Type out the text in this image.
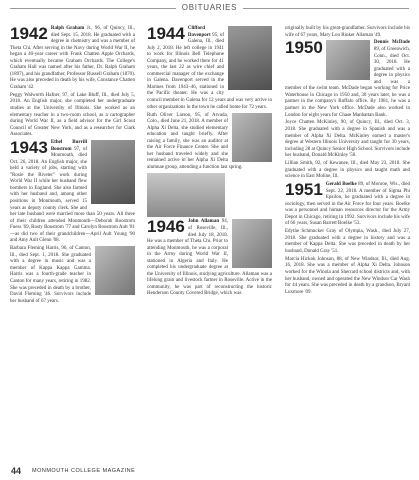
OBITUARIES

1942 Ralph Graham Jr., 96, of Quincy, Ill., died Sept. 15, 2018. He graduated with a degree in chemistry and was a member of Theta Chi. After serving in the Navy during World War II, he began a 40-year career with Frank Chatten Apple Orchards, which eventually became Graham Orchards. The College's Graham Hall was named after his father, Dr. Ralph Graham (1897), and his grandfather, Professor Russell Graham (1870). He was also preceded in death by his wife, Constance Chatten Graham '42.

Peggy Walworth Hafner, 97, of Lake Bluff, Ill., died July 5, 2018. An English major, she completed her undergraduate studies at the University of Illinois. She worked as an elementary teacher in a two-room school, as a cartographer during World War II, as a field advisor for the Girl Scout Council of Greater New York, and as a researcher for Clark Associates.

1943 Ethel Burrill Boostrom 97, of Monmouth, died Oct. 26, 2018. An English major, she held a variety of jobs, starting with "Rosie the Riveter" work during World War II while her husband flew bombers in England. She also farmed with her husband and, among other positions in Monmouth, served 15 years as deputy county clerk. She and her late husband were married more than 50 years. All three of their children attended Monmouth—Deborah Boostrom Fuess '69, Rusty Boostrom '77 and Carolyn Boostrom Ault '81—as did two of their grandchildren—April Ault Young '90 and Amy Ault Glenn '08.

Barbara Fleming Harris, 96, of Canton, Ill., died Sept. 1, 2018. She graduated with a degree in music and was a member of Kappa Kappa Gamma. Harris was a fourth-grade teacher in Canton for many years, retiring in 1982. She was preceded in death by a brother, David Fleming '46. Survivors include her husband of 67 years.

1944 Clifford Davenport 95, of Galena, Ill., died July 2, 2018. He left college in 1941 to work for Illinois Bell Telephone Company, and he worked there for 41 years, the last 22 as wire chief and commercial manager of the exchange in Galena. Davenport served in the Marines from 1943–46, stationed in the Pacific theater. He was a city council member in Galena for 12 years and was very active in other organizations in the town he called home for 72 years.

Ruth Oliver Larson, 95, of Arvada, Colo., died June 21, 2018. A member of Alpha Xi Delta, she studied elementary education and taught briefly. After raising a family, she was an auditor at the Air Force Finance Center. She and her husband traveled widely and she remained active in her Alpha Xi Delta alumnae group, attending a function last spring.

1946 John Allaman 94, of Roseville, Ill., died July 18, 2018. He was a member of Theta Chi. Prior to attending Monmouth, he was a corporal in the Army during World War II, stationed in Algeria and Italy. He completed his undergraduate degree at the University of Illinois, studying agriculture. Allaman was a lifelong grain and livestock farmer in Roseville. Active in the community, he was part of reconstructing the historic Henderson County Covered Bridge, which was

originally built by his great-grandfather. Survivors include his wife of 67 years, Mary Lou Rinker Allaman '49.

1950	Dennis McDade 89, of Greenwich, Conn., died Oct. 30, 2018. He graduated with a degree in physics and was a member of the swim team. McDade began working for Price Waterhouse in Chicago in 1950 and, 30 years later, he was a partner in the company's Buffalo office. By 1981, he was a partner in the New York office. McDade also worked in London for eight years for Chase Manhattan Bank.

Joyce Chatten McKinley, 90, of Quincy, Ill., died Oct. 3, 2018. She graduated with a degree in Spanish and was a member of Alpha Xi Delta. McKinley earned a master's degree at Western Illinois University and taught for 30 years, including 28 at Quincy Senior High School. Survivors include her husband, Donald McKinley '50.

Lillian Smith, 92, of Kewanee, Ill., died May 23, 2018. She graduated with a degree in physics and taught math and science in East Moline, Ill.

1951 Gerald Boelke 89, of Monroe, Wis., died Sept. 22, 2018. A member of Sigma Phi Epsilon, he graduated with a degree in sociology, then served in the Air Force for four years. Boelke was a personnel and human resources director for the Army Depot in Chicago, retiring in 1992. Survivors include his wife of 66 years, Susan Barrett Boelke '53.

Edythe Schmucker Gray of Olympia, Wash., died July 27, 2018. She graduated with a degree in history and was a member of Kappa Delta. She was preceded in death by her husband, Donald Gray '51.

Marcia Hickok Johnson, 88, of New Windsor, Ill., died Aug. 16, 2018. She was a member of Alpha Xi Delta. Johnson worked for the Winola and Sherrard school districts and, with her husband, owned and operated the New Windsor Car Wash for 44 years. She was preceded in death by a grandson, Bryant Luxmore '09.

44 MONMOUTH COLLEGE MAGAZINE
